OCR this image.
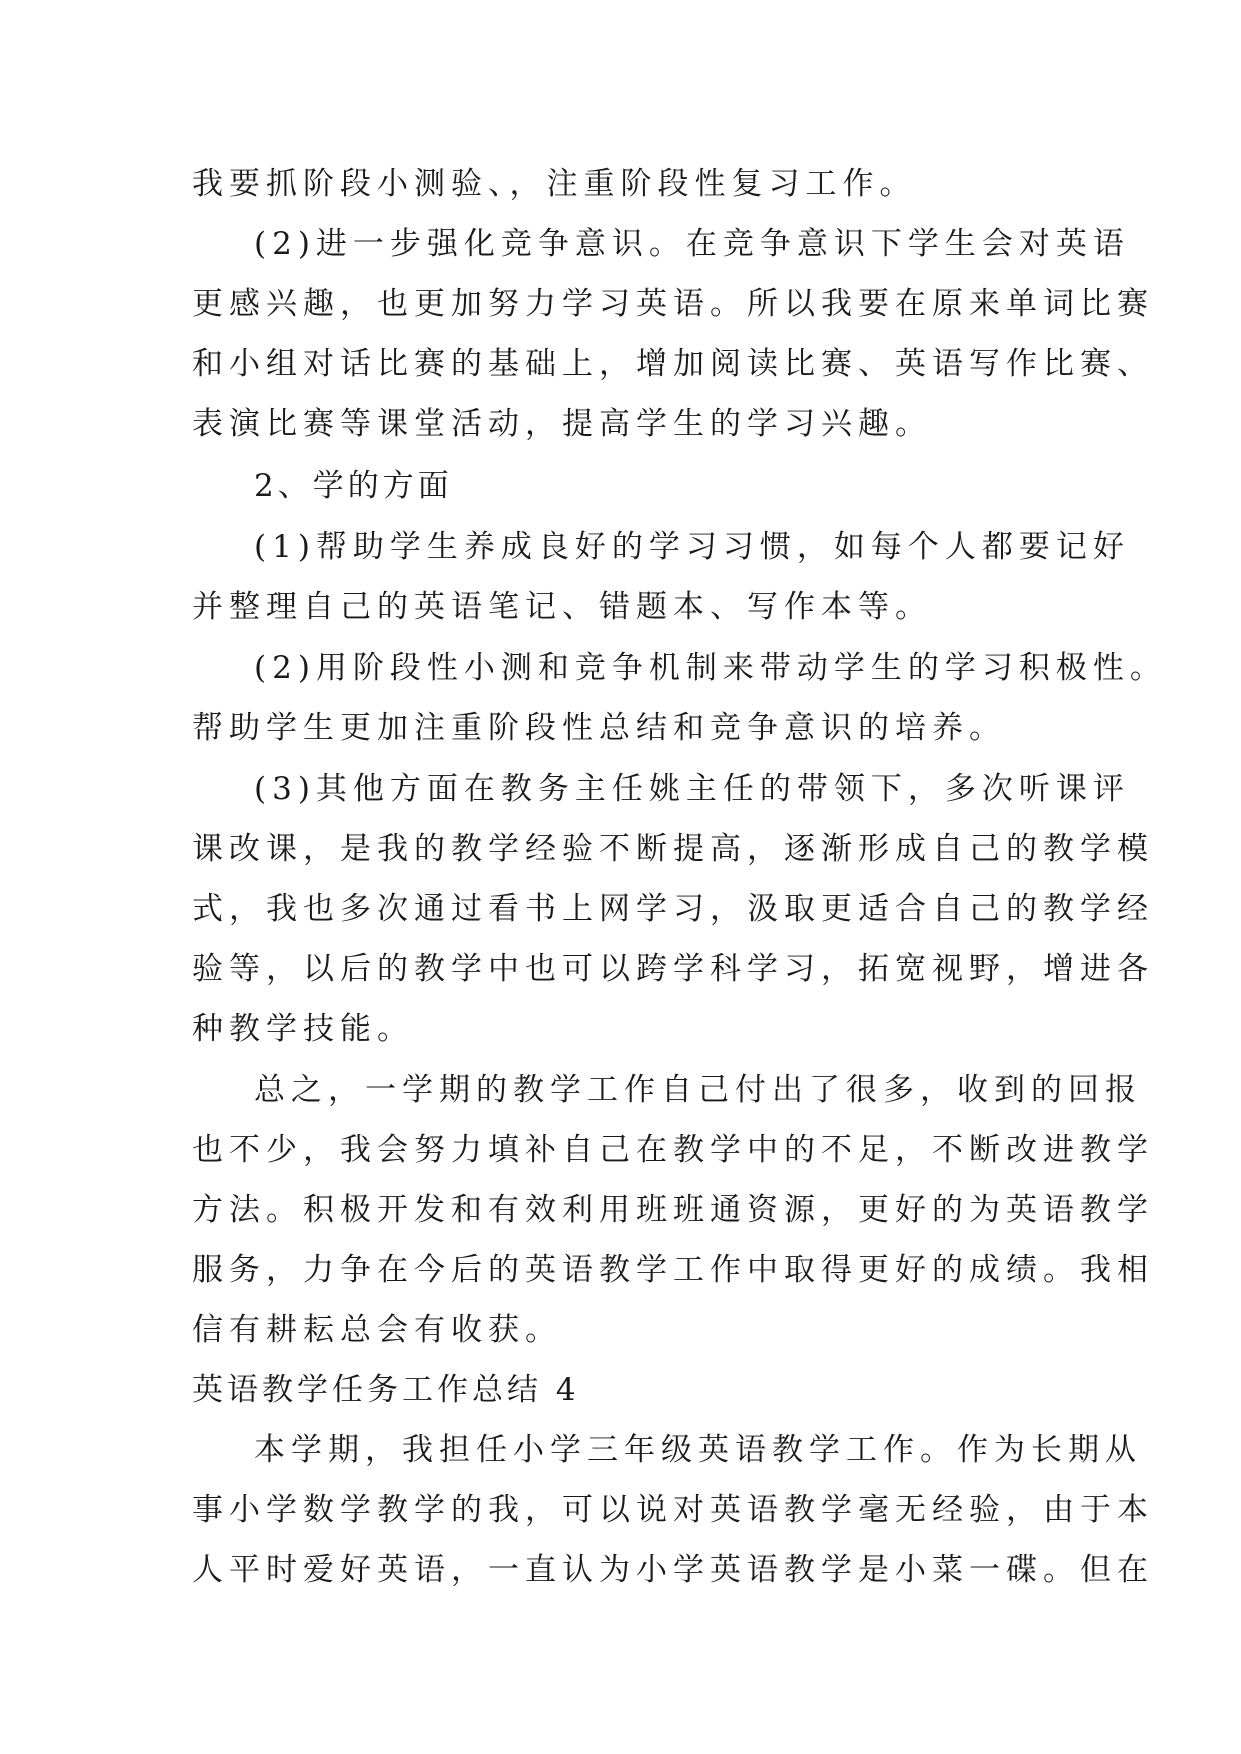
我要抓阶段小测验、，注重阶段性复习工作。
(2)进一步强化竞争意识。在竞争意识下学生会对英语
更感兴趣，也更加努力学习英语。所以我要在原来单词比赛
和小组对话比赛的基础上，增加阅读比赛、英语写作比赛、
表演比赛等课堂活动，提高学生的学习兴趣。
2、学的方面
(1)帮助学生养成良好的学习习惯，如每个人都要记好
并整理自己的英语笔记、错题本、写作本等。
(2)用阶段性小测和竞争机制来带动学生的学习积极性。
帮助学生更加注重阶段性总结和竞争意识的培养。
(3)其他方面在教务主任姚主任的带领下，多次听课评
课改课，是我的教学经验不断提高，逐渐形成自己的教学模
式，我也多次通过看书上网学习，汲取更适合自己的教学经
验等，以后的教学中也可以跨学科学习，拓宽视野，增进各
种教学技能。
总之，一学期的教学工作自己付出了很多，收到的回报
也不少，我会努力填补自己在教学中的不足，不断改进教学
方法。积极开发和有效利用班班通资源，更好的为英语教学
服务，力争在今后的英语教学工作中取得更好的成绩。我相
信有耕耘总会有收获。
英语教学任务工作总结 4
本学期，我担任小学三年级英语教学工作。作为长期从
事小学数学教学的我，可以说对英语教学毫无经验，由于本
人平时爱好英语，一直认为小学英语教学是小菜一碟。但在
